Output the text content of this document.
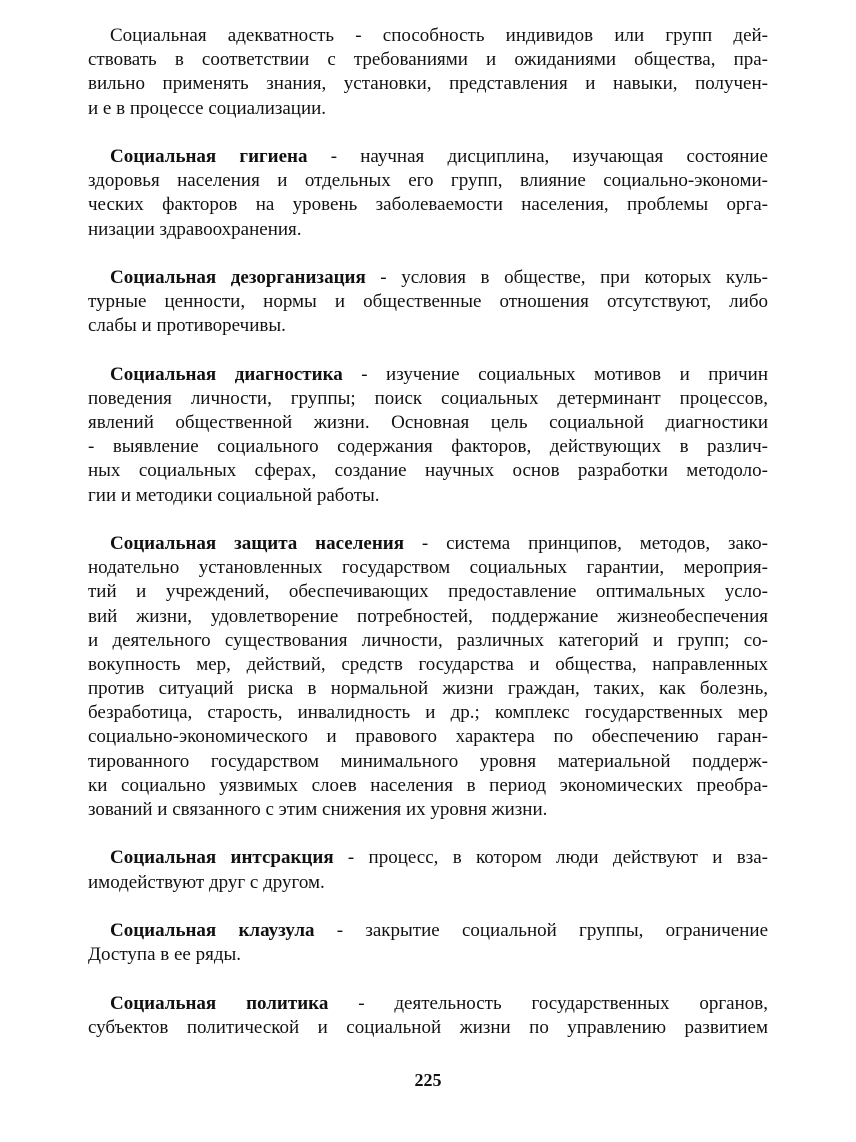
Социальная адекватность - способность индивидов или групп дей-
ствовать в соответствии с требованиями и ожиданиями общества, пра-
вильно применять знания, установки, представления и навыки, получен-
и е в процессе социализации.
Социальная гигиена - научная дисциплина, изучающая состояние
здоровья населения и отдельных его групп, влияние социально-экономи-
ческих факторов на уровень заболеваемости населения, проблемы орга-
низации здравоохранения.
Социальная дезорганизация - условия в обществе, при которых куль-
турные ценности, нормы и общественные отношения отсутствуют, либо
слабы и противоречивы.
Социальная диагностика - изучение социальных мотивов и причин
поведения личности, группы; поиск социальных детерминант процессов,
явлений общественной жизни. Основная цель социальной диагностики
- выявление социального содержания факторов, действующих в различ-
ных социальных сферах, создание научных основ разработки методоло-
гии и методики социальной работы.
Социальная защита населения - система принципов, методов, зако-
нодательно установленных государством социальных гарантии, мероприя-
тий и учреждений, обеспечивающих предоставление оптимальных усло-
вий жизни, удовлетворение потребностей, поддержание жизнеобеспечения
и деятельного существования личности, различных категорий и групп; со-
вокупность мер, действий, средств государства и общества, направленных
против ситуаций риска в нормальной жизни граждан, таких, как болезнь,
безработица, старость, инвалидность и др.; комплекс государственных мер
социально-экономического и правового характера по обеспечению гаран-
тированного государством минимального уровня материальной поддерж-
ки социально уязвимых слоев населения в период экономических преобра-
зований и связанного с этим снижения их уровня жизни.
Социальная интсракция - процесс, в котором люди действуют и вза-
имодействуют друг с другом.
Социальная клаузула - закрытие социальной группы, ограничение
Доступа в ее ряды.
Социальная политика - деятельность государственных органов,
субъектов политической и социальной жизни по управлению развитием
225
